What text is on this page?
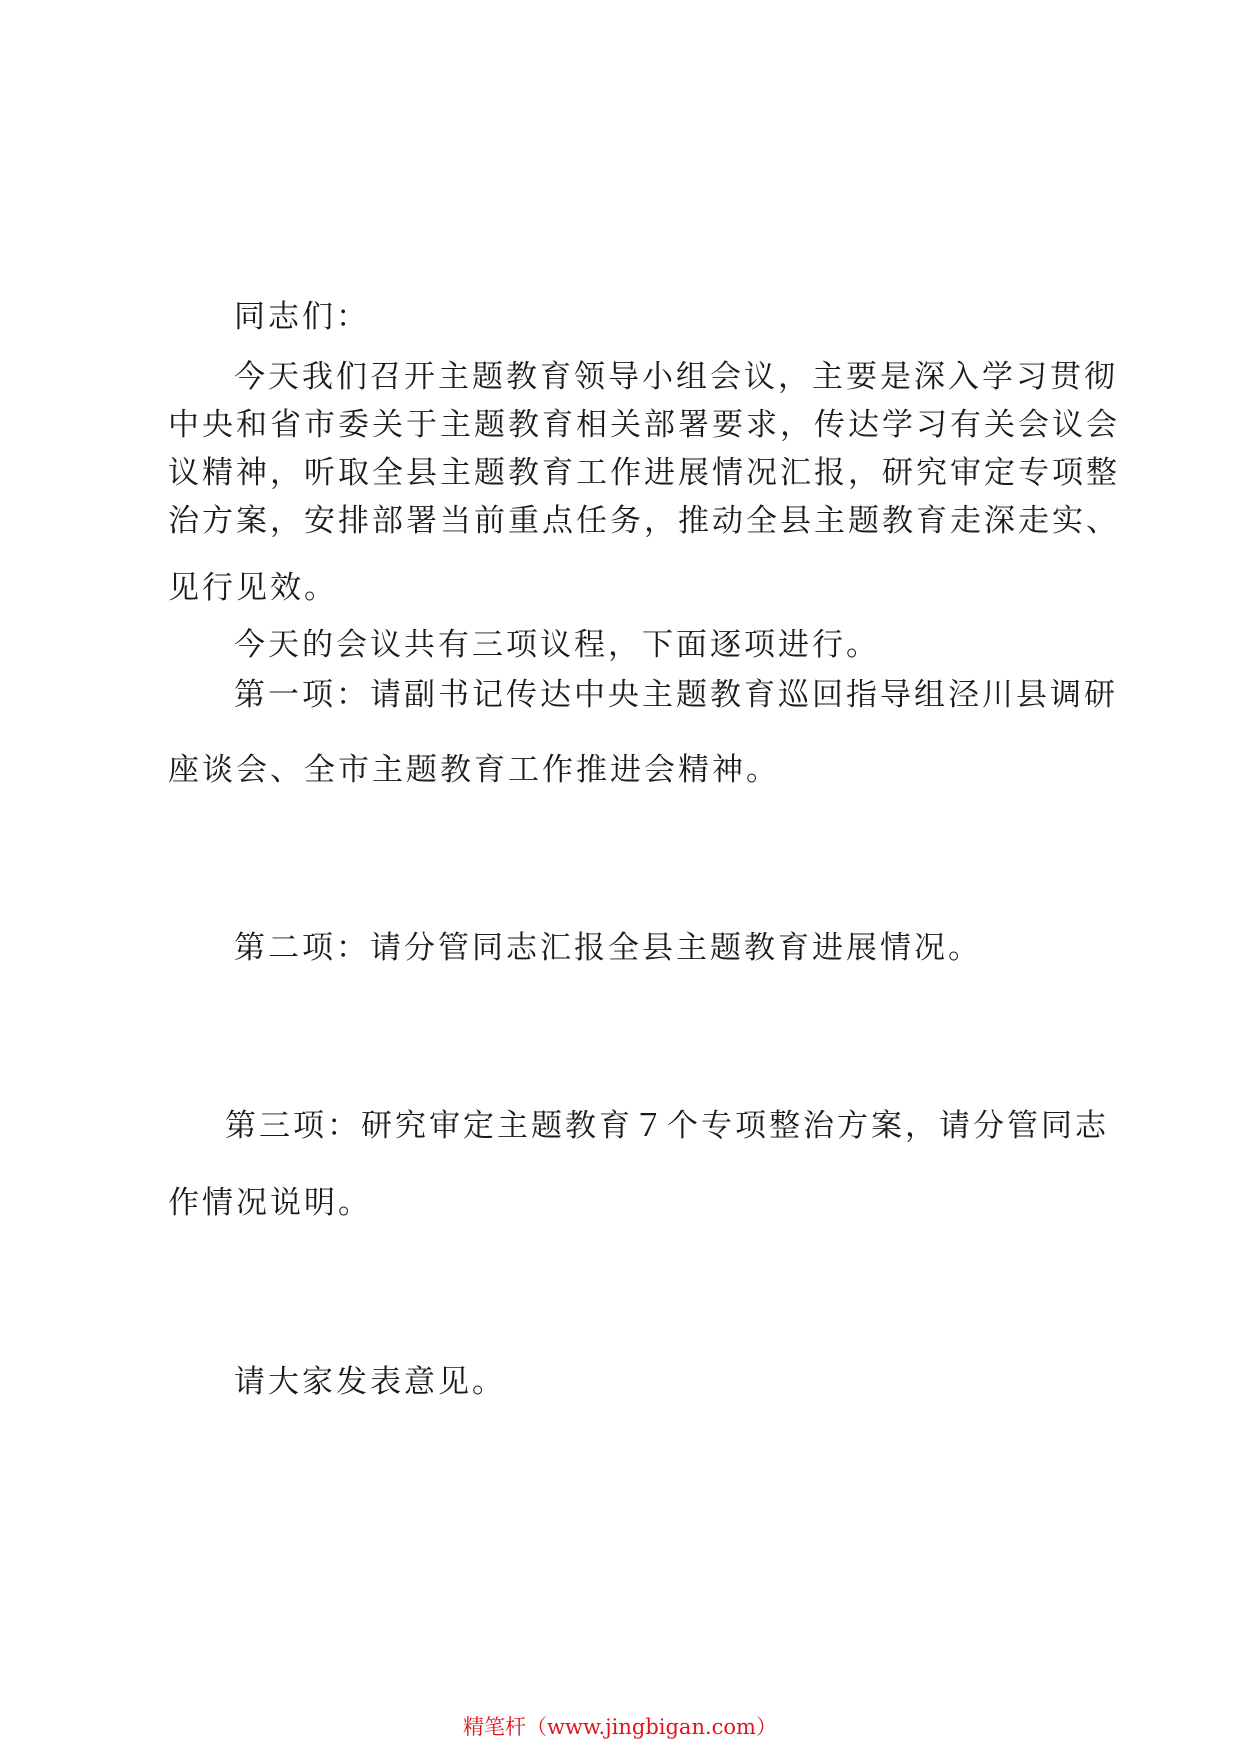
同志们：
今天我们召开主题教育领导小组会议，主要是深入学习贯彻
中央和省市委关于主题教育相关部署要求，传达学习有关会议会
议精神，听取全县主题教育工作进展情况汇报，研究审定专项整
治方案，安排部署当前重点任务，推动全县主题教育走深走实、
见行见效。
今天的会议共有三项议程，下面逐项进行。
第一项：请副书记传达中央主题教育巡回指导组泾川县调研
座谈会、全市主题教育工作推进会精神。
第二项：请分管同志汇报全县主题教育进展情况。
第三项：研究审定主题教育７个专项整治方案，请分管同志
作情况说明。
请大家发表意见。
精笔杆（www.jingbigan.com）
